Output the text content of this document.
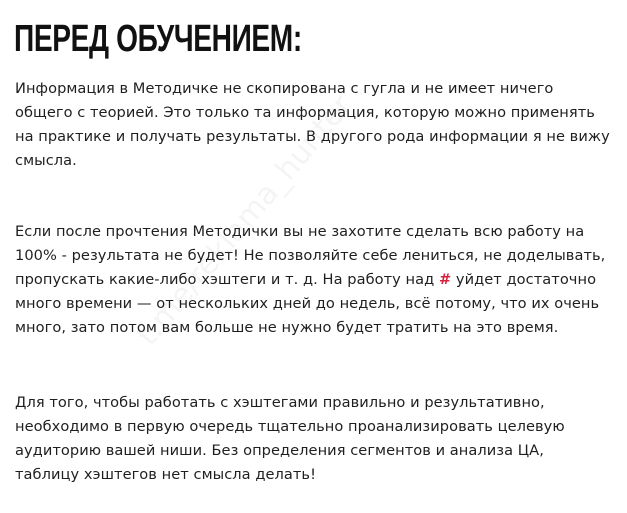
ПЕРЕД ОБУЧЕНИЕМ:

Информация в Методичке не скопирована с гугла и не имеет ничего
общего с теорией. Это только та информация, которую можно применять
на практике и получать результаты. В другого рода информации я не вижу
смысла.

Если после прочтения Методички вы не захотите сделать всю работу на
100% - результата не будет! Не позволяйте себе лениться, не доделывать,
пропускать какие-либо хэштеги и т. д. На работу над # уйдет достаточно
много времени — от нескольких дней до недель, всё потому, что их очень
много, зато потом вам больше не нужно будет тратить на это время.

Для того, чтобы работать с хэштегами правильно и результативно,
необходимо в первую очередь тщательно проанализировать целевую
аудиторию вашей ниши. Без определения сегментов и анализа ЦА,
таблицу хэштегов нет смысла делать!
